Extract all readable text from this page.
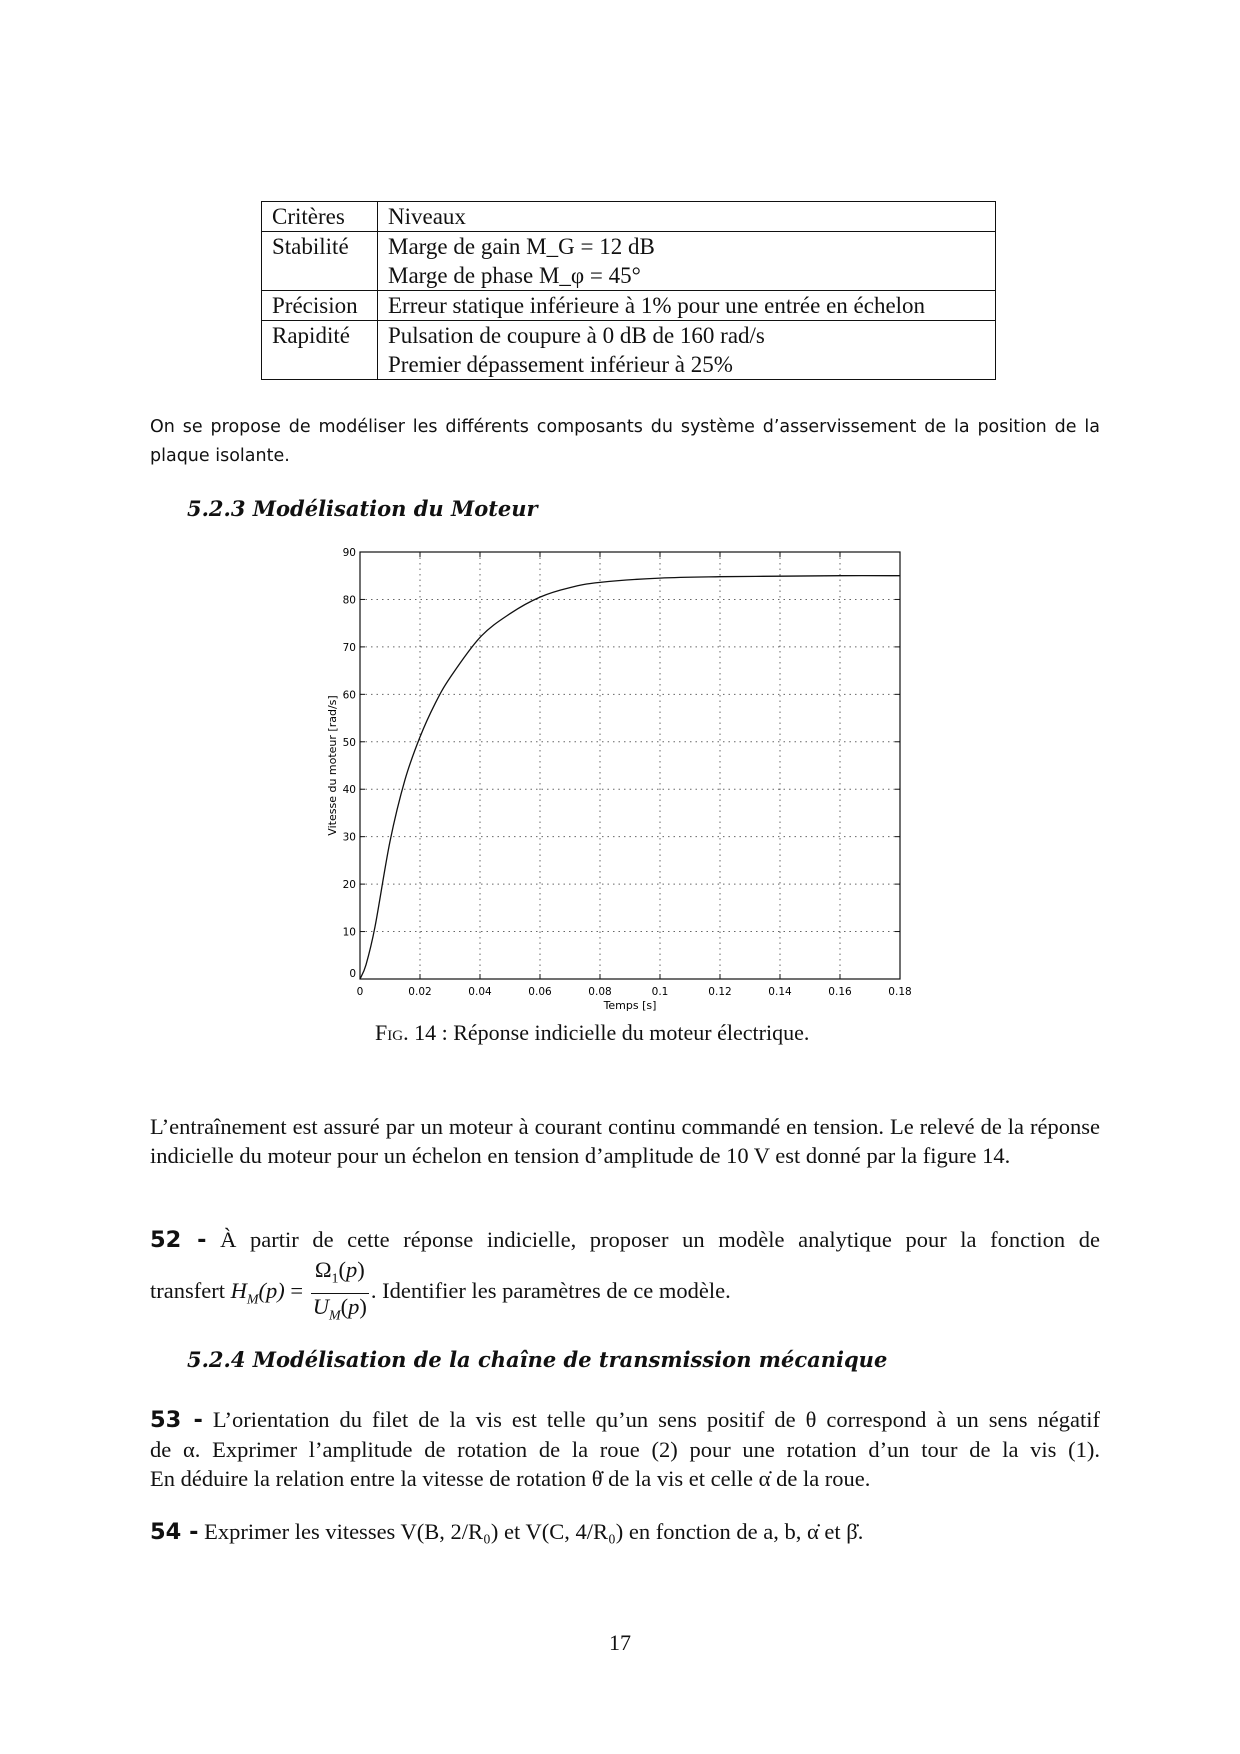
Critères	Niveaux
Stabilité	Marge de gain M_G = 12 dB
Marge de phase M_φ = 45°

Précision	Erreur statique inférieure à 1% pour une entrée en échelon

Rapidité	Pulsation de coupure à 0 dB de 160 rad/s
Premier dépassement inférieur à 25%
On se propose de modéliser les différents composants du système d’asservissement de la position de la plaque isolante.
5.2.3 Modélisation du Moteur
0	0.02	0.04	0.06	0.08	0.1	0.12	0.14	0.16	0.18
0
10
20
30
40
50
60
70
80
90
Temps [s]
Vitesse du moteur [rad/s]
Fig. 14 : Réponse indicielle du moteur électrique.
L’entraînement est assuré par un moteur à courant continu commandé en tension. Le relevé de la réponse indicielle du moteur pour un échelon en tension d’amplitude de 10 V est donné par la figure 14.
52 - À partir de cette réponse indicielle, proposer un modèle analytique pour la fonction de
transfert $H_M(p) = \frac{\Omega_1(p)}{U_M(p)}$ . Identifier les paramètres de ce modèle.
5.2.4 Modélisation de la chaîne de transmission mécanique
53 - L’orientation du filet de la vis est telle qu’un sens positif de θ correspond à un sens négatif
de α. Exprimer l’amplitude de rotation de la roue (2) pour une rotation d’un tour de la vis (1).
En déduire la relation entre la vitesse de rotation θ̇ de la vis et celle α̇ de la roue.
54 - Exprimer les vitesses V(B, 2/R₀) et V(C, 4/R₀) en fonction de a, b, α̇ et β̇.
17
